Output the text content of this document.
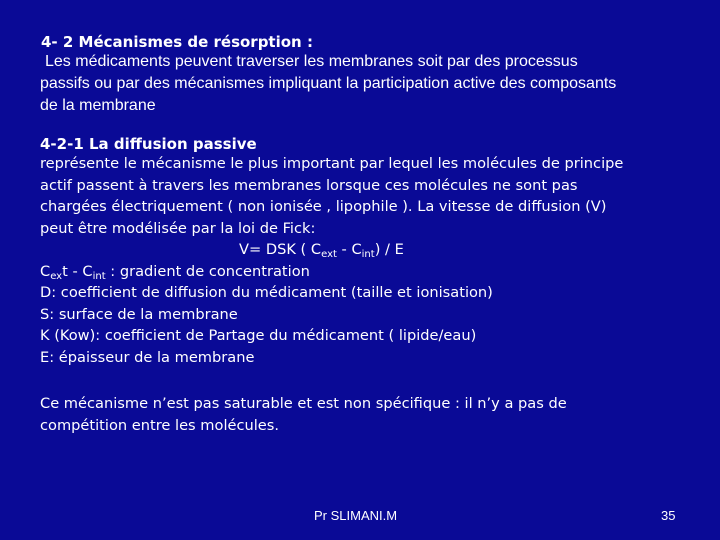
4- 2 Mécanismes de résorption :
Les médicaments peuvent traverser les membranes soit par des processus
passifs ou par des mécanismes impliquant la participation active des composants
de la membrane
4-2-1 La diffusion passive
représente le mécanisme le plus important par lequel les molécules de principe
actif passent à travers les membranes lorsque ces molécules ne sont pas
chargées électriquement ( non ionisée , lipophile ). La vitesse de diffusion (V)
peut être modélisée par la loi de Fick:
V= DSK ( $C_{ext} - C_{int}$) / E
$C_{ex}t - C_{int}$ : gradient de concentration
D: coefficient de diffusion du médicament (taille et ionisation)
S: surface de la membrane
K (Kow): coefficient de Partage du médicament ( lipide/eau)
E: épaisseur de la membrane
Ce mécanisme n’est pas saturable et est non spécifique : il n’y a pas de
compétition entre les molécules.
Pr SLIMANI.M	35
